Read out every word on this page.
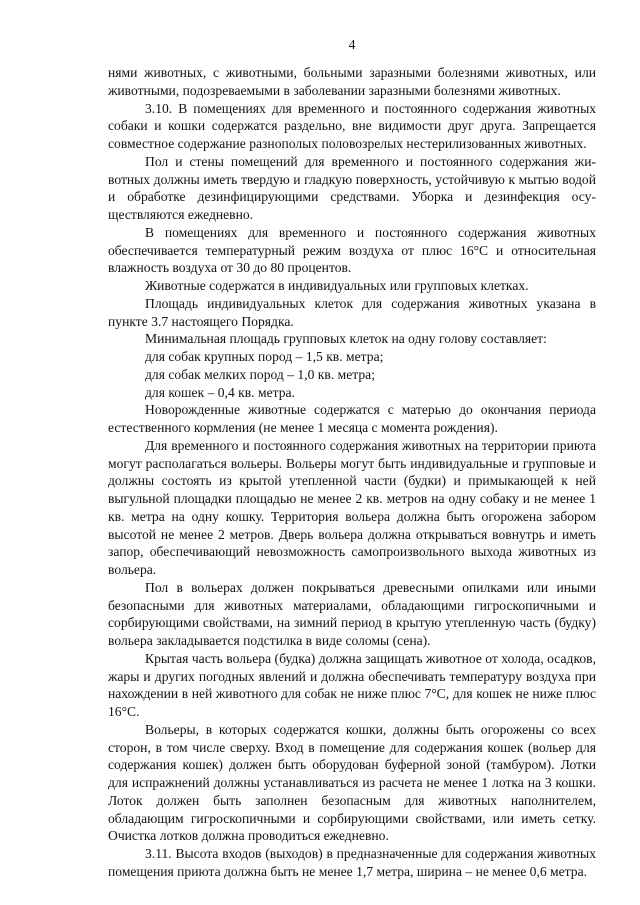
4

нями животных, с животными, больными заразными болезнями животных, или животными, подозреваемыми в заболевании заразными болезнями животных.

3.10. В помещениях для временного и постоянного содержания животных собаки и кошки содержатся раздельно, вне видимости друг друга. Запрещается совместное содержание разнополых половозрелых нестерилизованных животных.

Пол и стены помещений для временного и постоянного содержания животных должны иметь твердую и гладкую поверхность, устойчивую к мытью водой и обработке дезинфицирующими средствами. Уборка и дезинфекция осуществляются ежедневно.

В помещениях для временного и постоянного содержания животных обеспечивается температурный режим воздуха от плюс 16°C и относительная влажность воздуха от 30 до 80 процентов.

Животные содержатся в индивидуальных или групповых клетках.

Площадь индивидуальных клеток для содержания животных указана в пункте 3.7 настоящего Порядка.

Минимальная площадь групповых клеток на одну голову составляет:

для собак крупных пород – 1,5 кв. метра;

для собак мелких пород – 1,0 кв. метра;

для кошек – 0,4 кв. метра.

Новорожденные животные содержатся с матерью до окончания периода естественного кормления (не менее 1 месяца с момента рождения).

Для временного и постоянного содержания животных на территории приюта могут располагаться вольеры. Вольеры могут быть индивидуальные и групповые и должны состоять из крытой утепленной части (будки) и примыкающей к ней выгульной площадки площадью не менее 2 кв. метров на одну собаку и не менее 1 кв. метра на одну кошку. Территория вольера должна быть огорожена забором высотой не менее 2 метров. Дверь вольера должна открываться вовнутрь и иметь запор, обеспечивающий невозможность самопроизвольного выхода животных из вольера.

Пол в вольерах должен покрываться древесными опилками или иными безопасными для животных материалами, обладающими гигроскопичными и сорбирующими свойствами, на зимний период в крытую утепленную часть (будку) вольера закладывается подстилка в виде соломы (сена).

Крытая часть вольера (будка) должна защищать животное от холода, осадков, жары и других погодных явлений и должна обеспечивать температуру воздуха при нахождении в ней животного для собак не ниже плюс 7°C, для кошек не ниже плюс 16°C.

Вольеры, в которых содержатся кошки, должны быть огорожены со всех сторон, в том числе сверху. Вход в помещение для содержания кошек (вольер для содержания кошек) должен быть оборудован буферной зоной (тамбуром). Лотки для испражнений должны устанавливаться из расчета не менее 1 лотка на 3 кошки. Лоток должен быть заполнен безопасным для животных наполнителем, обладающим гигроскопичными и сорбирующими свойствами, или иметь сетку. Очистка лотков должна проводиться ежедневно.

3.11. Высота входов (выходов) в предназначенные для содержания животных помещения приюта должна быть не менее 1,7 метра, ширина – не менее 0,6 метра.
